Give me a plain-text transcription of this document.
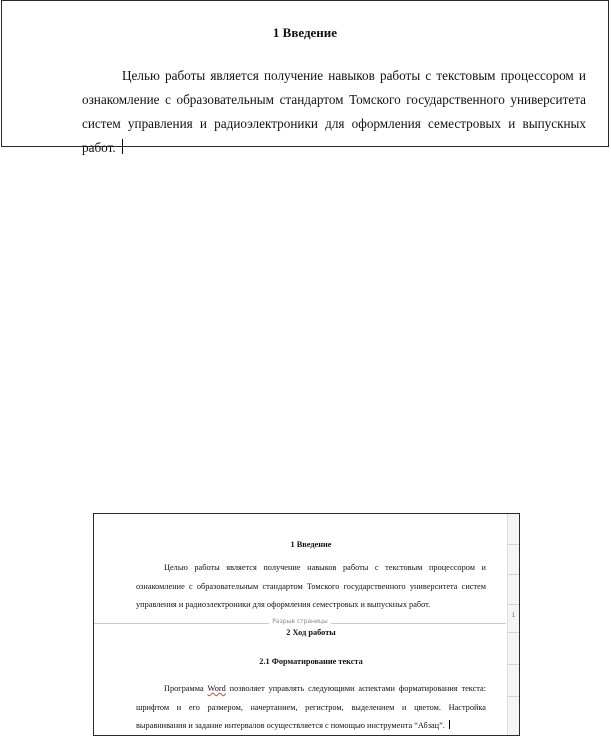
1 Введение
Целью работы является получение навыков работы с текстовым процессором и ознакомление с образовательным стандартом Томского государственного университета систем управления и радиоэлектроники для оформления семестровых и выпускных работ.
1 Введение
Целью работы является получение навыков работы с текстовым процессором и ознакомление с образовательным стандартом Томского государственного университета систем управления и радиоэлектроники для оформления семестровых и выпускных работ.
Разрыв страницы
2 Ход работы
2.1 Форматирование текста
Программа Word позволяет управлять следующими аспектами форматирования текста: шрифтом и его размером, начертанием, регистром, выделением и цветом. Настройка выравнивания и задание интервалов осуществляется с помощью инструмента “Абзац”.
1
